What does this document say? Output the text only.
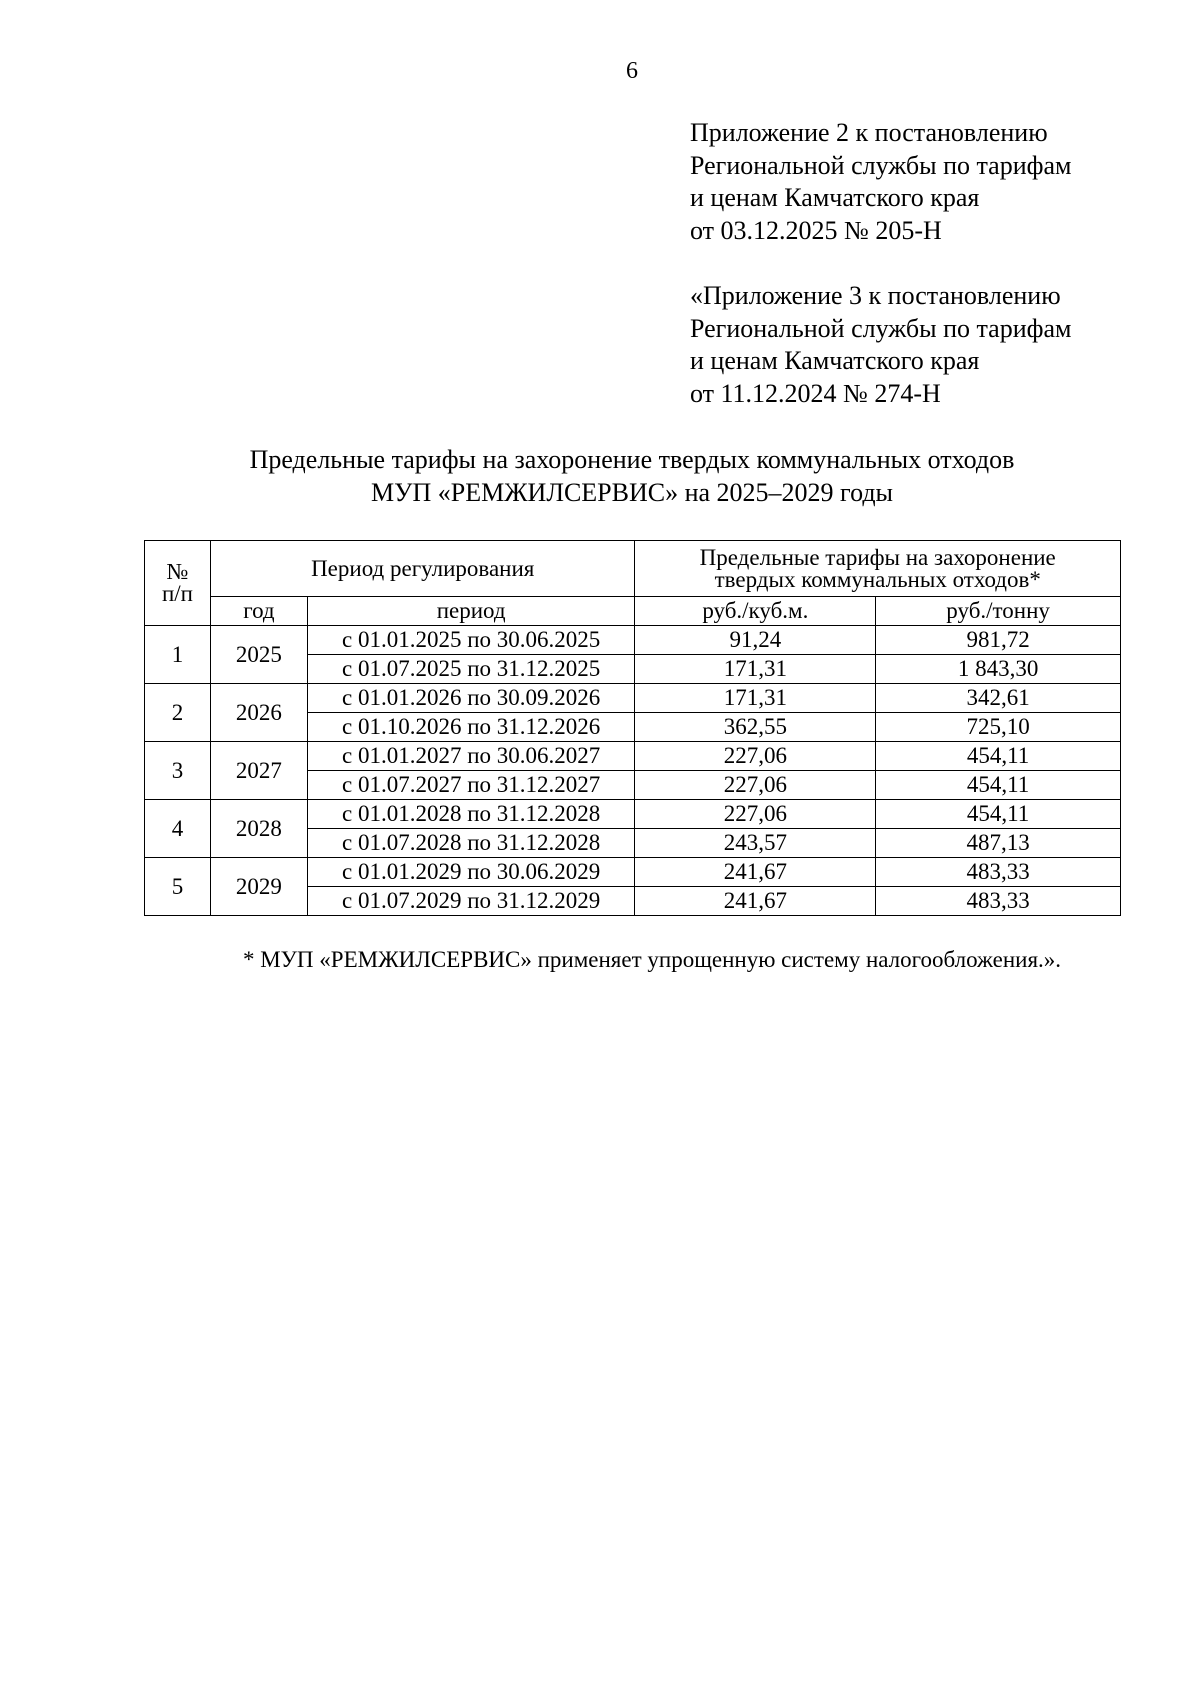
6
Приложение 2 к постановлению
Региональной службы по тарифам
и ценам Камчатского края
от 03.12.2025 № 205-Н
«Приложение 3 к постановлению
Региональной службы по тарифам
и ценам Камчатского края
от 11.12.2024 № 274-Н
Предельные тарифы на захоронение твердых коммунальных отходов
МУП «РЕМЖИЛСЕРВИС» на 2025–2029 годы
№ п/п	Период регулирования		Предельные тарифы на захоронение твердых коммунальных отходов*	
	год	период	руб./куб.м.	руб./тонну
1	2025	с 01.01.2025 по 30.06.2025	91,24	981,72
		с 01.07.2025 по 31.12.2025	171,31	1 843,30
2	2026	с 01.01.2026 по 30.09.2026	171,31	342,61
		с 01.10.2026 по 31.12.2026	362,55	725,10
3	2027	с 01.01.2027 по 30.06.2027	227,06	454,11
		с 01.07.2027 по 31.12.2027	227,06	454,11
4	2028	с 01.01.2028 по 31.12.2028	227,06	454,11
		с 01.07.2028 по 31.12.2028	243,57	487,13
5	2029	с 01.01.2029 по 30.06.2029	241,67	483,33
		с 01.07.2029 по 31.12.2029	241,67	483,33
* МУП «РЕМЖИЛСЕРВИС» применяет упрощенную систему налогообложения.».
